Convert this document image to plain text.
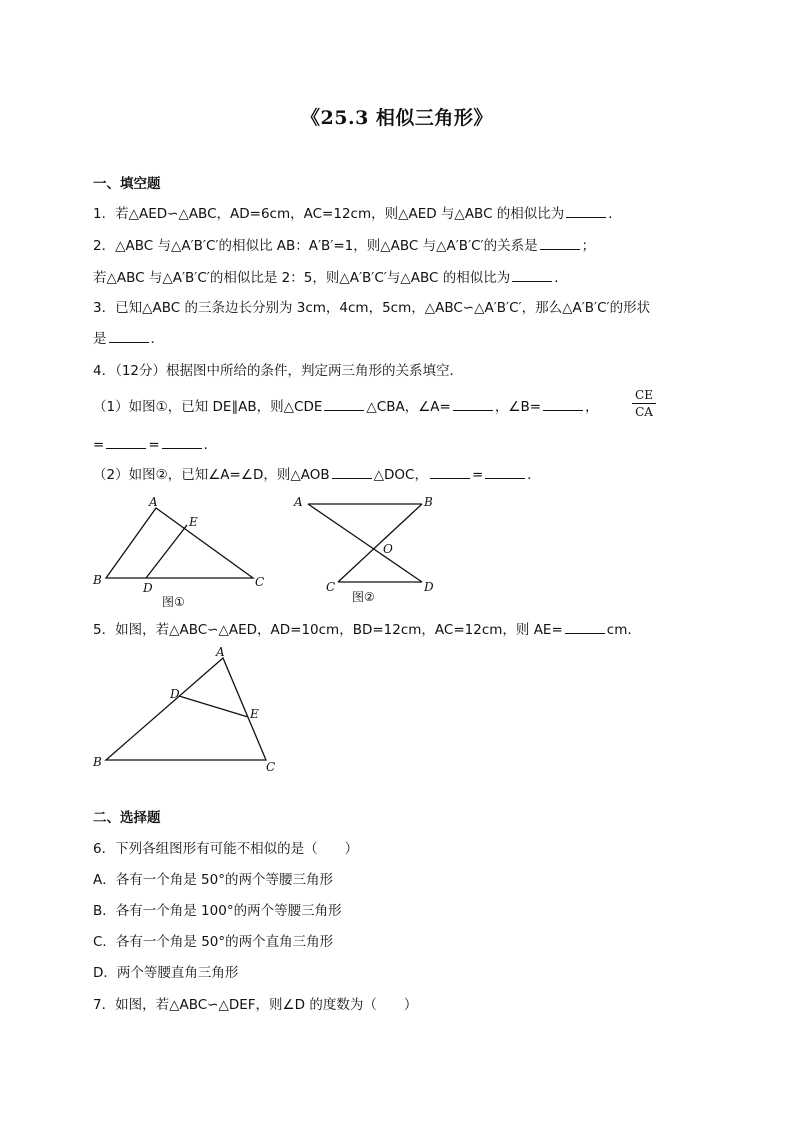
《25.3 相似三角形》
一、填空题
1．若△AED∽△ABC，AD=6cm，AC=12cm，则△AED 与△ABC 的相似比为	．
2．△ABC 与△A′B′C′的相似比 AB：A′B′=1，则△ABC 与△A′B′C′的关系是	；
若△ABC 与△A′B′C′的相似比是 2：5，则△A′B′C′与△ABC 的相似比为	．
3．已知△ABC 的三条边长分别为 3cm，4cm，5cm，△ABC∽△A′B′C′，那么△A′B′C′的形状
是	．
4．（12分）根据图中所给的条件，判定两三角形的关系填空．
（1）如图①，已知 DE∥AB，则△CDE	△CBA，∠A=	，∠B=	，
CE
CA
=	=	．
（2）如图②，已知∠A=∠D，则△AOB	△DOC，	=	．
A
E
B
D	C
图①
A	B
O
C	D
图②
5．如图，若△ABC∽△AED，AD=10cm，BD=12cm，AC=12cm，则 AE=	cm．
A
D
E
B	C
二、选择题
6．下列各组图形有可能不相似的是（　　）
A．各有一个角是 50°的两个等腰三角形
B．各有一个角是 100°的两个等腰三角形
C．各有一个角是 50°的两个直角三角形
D．两个等腰直角三角形
7．如图，若△ABC∽△DEF，则∠D 的度数为（　　）
